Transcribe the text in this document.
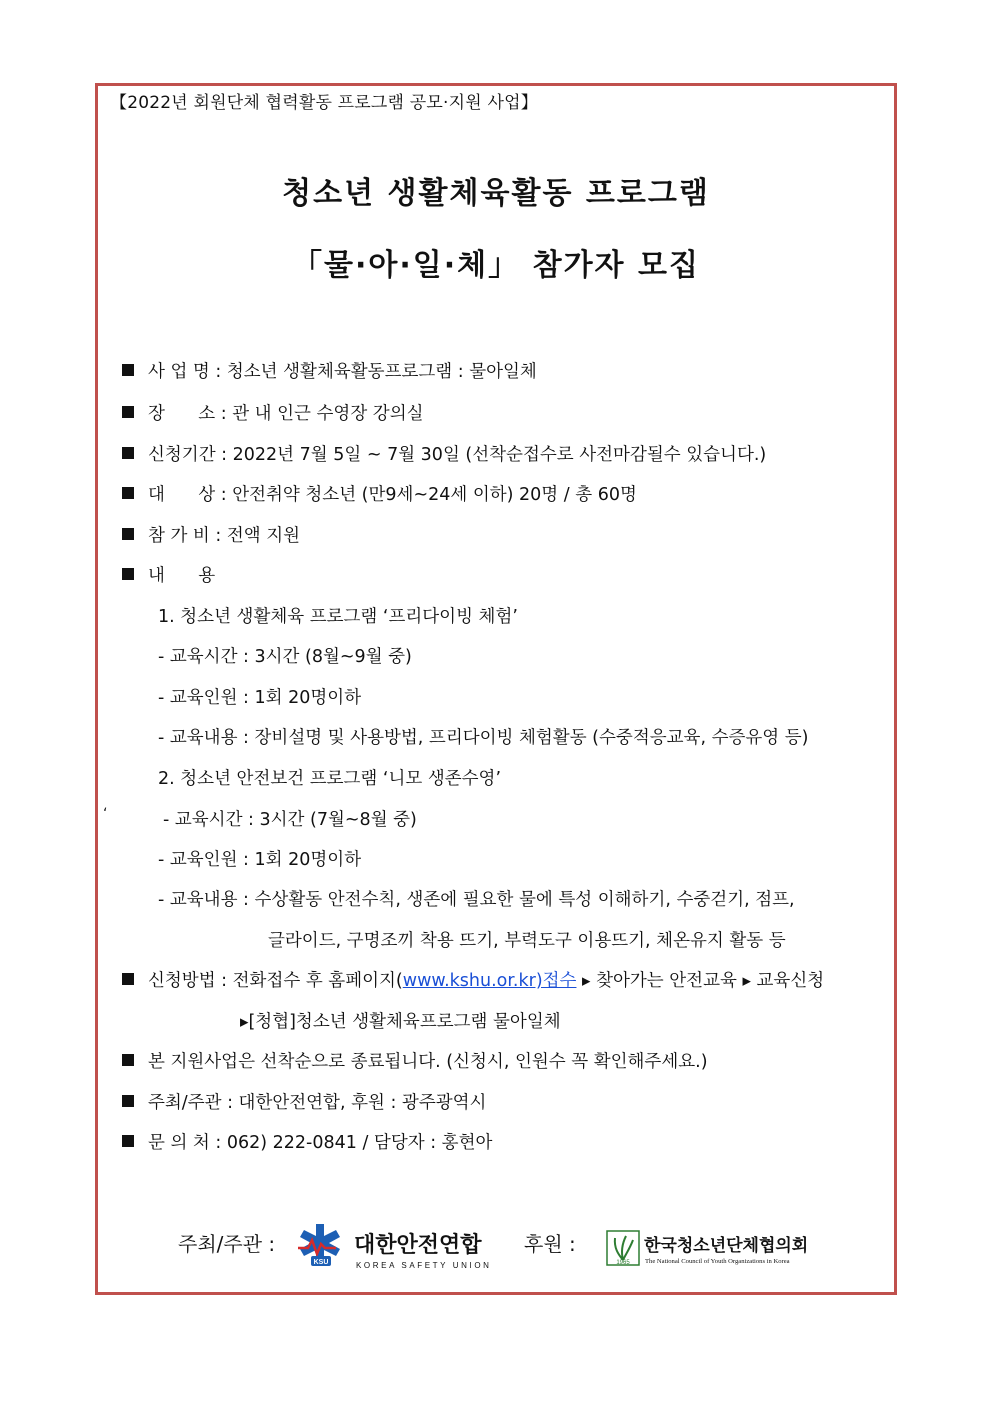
【2022년 회원단체 협력활동 프로그램 공모·지원 사업】
청소년 생활체육활동 프로그램
「물·아·일·체」 참가자 모집
사 업 명 : 청소년 생활체육활동프로그램 : 물아일체
장      소 : 관 내 인근 수영장 강의실
신청기간 : 2022년 7월 5일 ~ 7월 30일 (선착순접수로 사전마감될수 있습니다.)
대      상 : 안전취약 청소년 (만9세~24세 이하) 20명 / 총 60명
참 가 비 : 전액 지원
내      용
1. 청소년 생활체육 프로그램 ‘프리다이빙 체험’
- 교육시간 : 3시간 (8월~9월 중)
- 교육인원 : 1회 20명이하
- 교육내용 : 장비설명 및 사용방법, 프리다이빙 체험활동 (수중적응교육, 수증유영 등)
2. 청소년 안전보건 프로그램 ‘니모 생존수영’
‘	- 교육시간 : 3시간 (7월~8월 중)
- 교육인원 : 1회 20명이하
- 교육내용 : 수상활동 안전수칙, 생존에 필요한 물에 특성 이해하기, 수중걷기, 점프,
글라이드, 구명조끼 착용 뜨기, 부력도구 이용뜨기, 체온유지 활동 등
신청방법 : 전화접수 후 홈페이지(www.kshu.or.kr)접수 ▶ 찾아가는 안전교육 ▶ 교육신청
▶[청협]청소년 생활체육프로그램 물아일체
본 지원사업은 선착순으로 종료됩니다. (신청시, 인원수 꼭 확인해주세요.)
주최/주관 : 대한안전연합, 후원 : 광주광역시
문 의 처 : 062) 222-0841 / 담당자 : 홍현아
주최/주관 :
KSU
대한안전연합
KOREA SAFETY UNION
후원 :
1965
한국청소년단체협의회
The National Council of Youth Organizations in Korea
